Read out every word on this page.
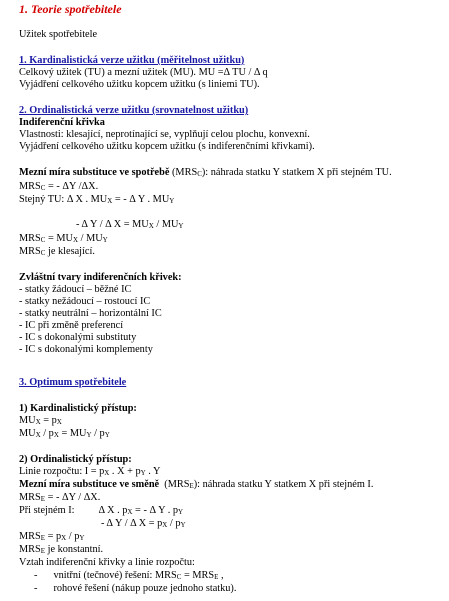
1. Teorie spotřebitele
Užitek spotřebitele
1. Kardinalistická verze užitku (měřitelnost užitku)
Celkový užitek (TU) a mezní užitek (MU). MU =Δ TU / Δ q
Vyjádření celkového užitku kopcem užitku (s liniemi TU).
2. Ordinalistická verze užitku (srovnatelnost užitku)
Indiferenční křivka
Vlastnosti: klesající, neprotínající se, vyplňují celou plochu, konvexní.
Vyjádření celkového užitku kopcem užitku (s indiferenčními křivkami).
Mezní míra substituce ve spotřebě $(MRS_C)$: náhrada statku Y statkem X při stejném TU.
$MRS_C$ = - ΔY /ΔX.
Stejný TU: Δ X . $MU_X$ = - Δ Y . $MU_Y$
- Δ Y / Δ $X = MU_X / MU_Y$
$MRS_C = MU_X / MU_Y$
$MRS_C$ je klesající.
Zvláštní tvary indiferenčních křivek:
- statky žádoucí – běžné IC
- statky nežádoucí – rostoucí IC
- statky neutrální – horizontální IC
- IC při změně preferencí
- IC s dokonalými substituty
- IC s dokonalými komplementy
3. Optimum spotřebitele
1) Kardinalistický přístup:
$MU_X = p_X$
$MU_X / p_X = MU_Y / p_Y$
2) Ordinalistický přístup:
Linie rozpočtu: $I = p_X$ . $X + p_Y$ . Y
Mezní míra substituce ve směně $(MRS_E)$: náhrada statku Y statkem X při stejném I.
$MRS_E$ = - ΔY / ΔX.
Při stejném I: Δ X . $p_X$ = - Δ Y . $p_Y$
- Δ Y / Δ $X = p_X / p_Y$
$MRS_E = p_X / p_Y$
$MRS_E$ je konstantní.
Vztah indiferenční křivky a linie rozpočtu:
- vnitřní (tečnové) řešení: $MRS_C = MRS_E$ ,
- rohové řešení (nákup pouze jednoho statku).
